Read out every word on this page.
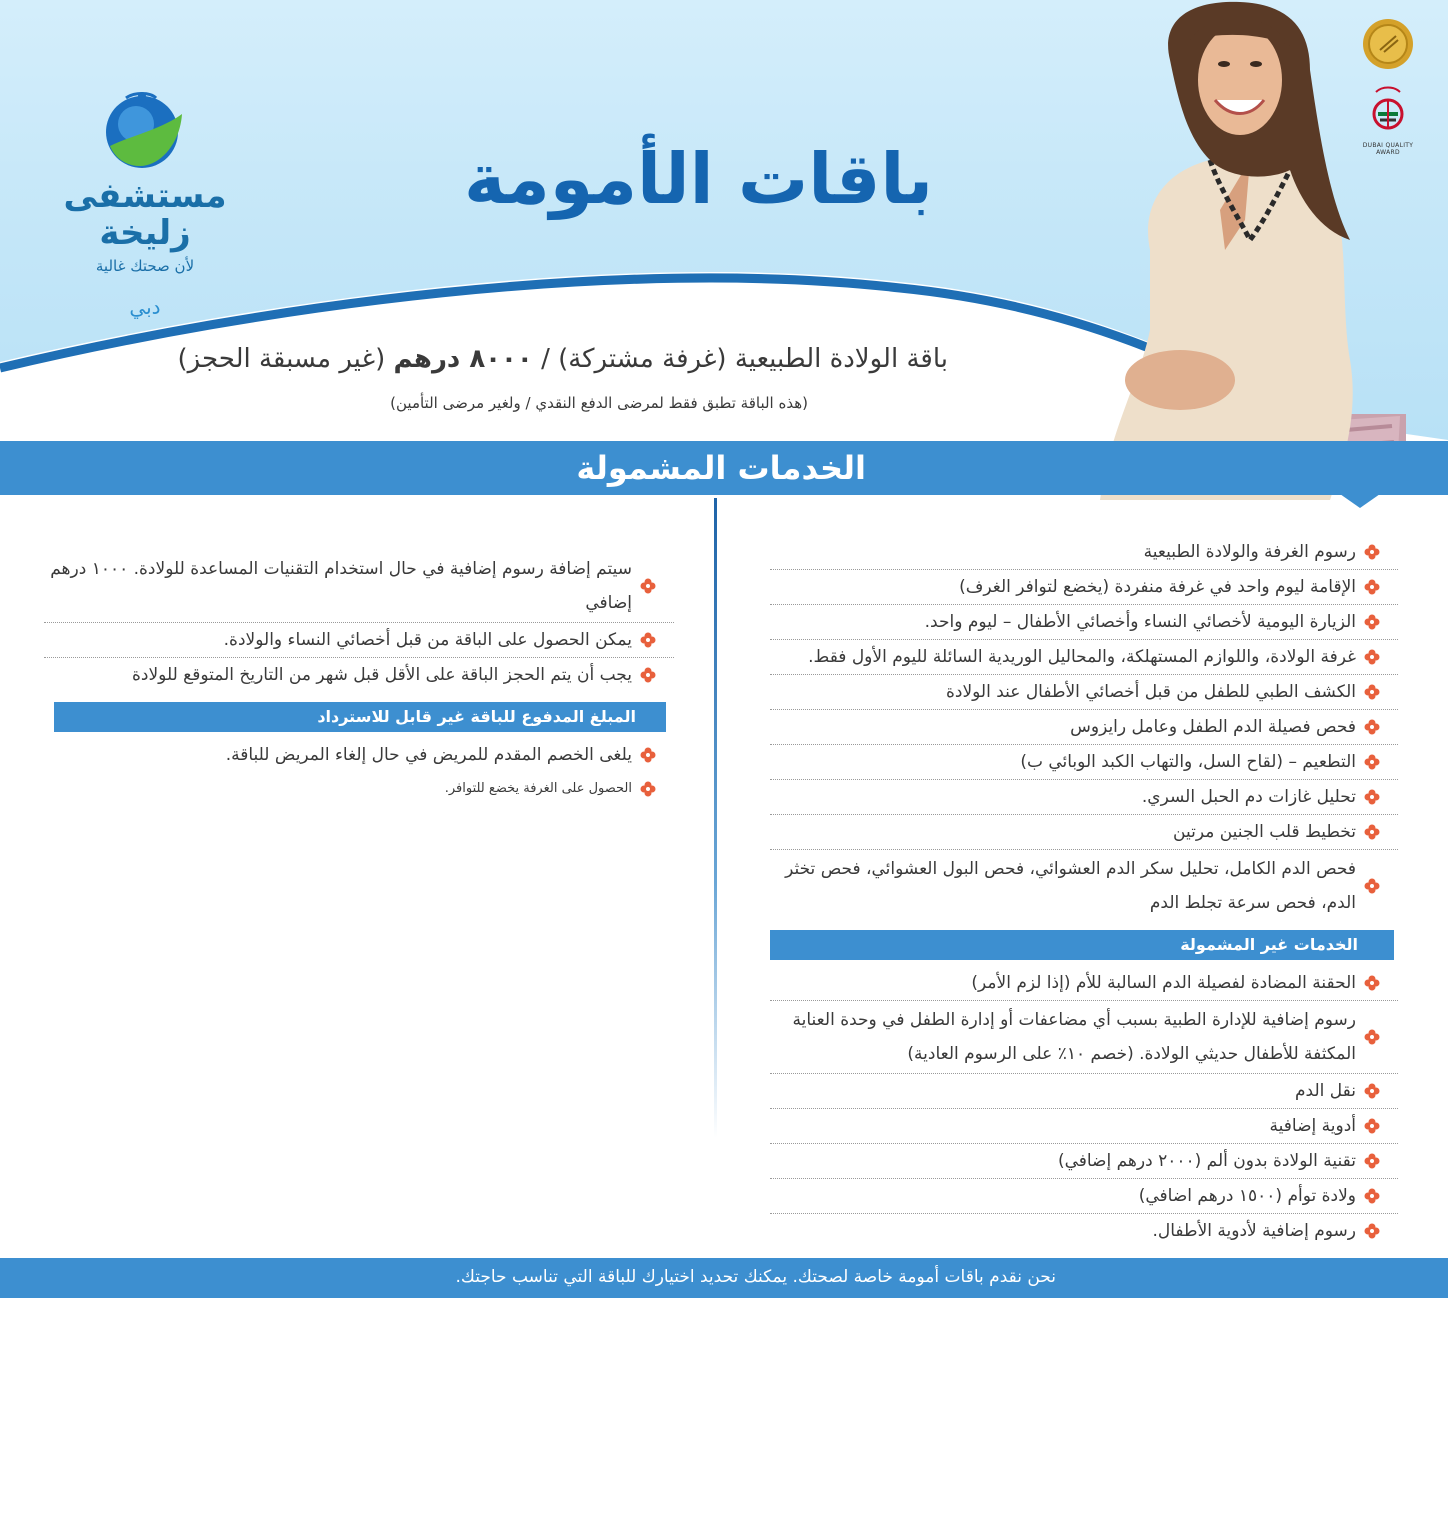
مستشفى زليخة
لأن صحتك غالية
دبي
باقات الأمومة	DUBAI QUALITY AWARD
باقة الولادة الطبيعية (غرفة مشتركة) / ٨٠٠٠ درهم (غير مسبقة الحجز)
(هذه الباقة تطبق فقط لمرضى الدفع النقدي / ولغير مرضى التأمين)
الخدمات المشمولة
رسوم الغرفة والولادة الطبيعية
الإقامة ليوم واحد في غرفة منفردة (يخضع لتوافر الغرف)
الزيارة اليومية لأخصائي النساء وأخصائي الأطفال – ليوم واحد.
غرفة الولادة، واللوازم المستهلكة، والمحاليل الوريدية السائلة لليوم الأول فقط.
الكشف الطبي للطفل من قبل أخصائي الأطفال عند الولادة
فحص فصيلة الدم الطفل وعامل رايزوس
التطعيم – (لقاح السل، والتهاب الكبد الوبائي ب)
تحليل غازات دم الحبل السري.
تخطيط قلب الجنين مرتين
فحص الدم الكامل، تحليل سكر الدم العشوائي، فحص البول العشوائي، فحص تخثر الدم، فحص سرعة تجلط الدم
الخدمات غير المشمولة
الحقنة المضادة لفصيلة الدم السالبة للأم (إذا لزم الأمر)
رسوم إضافية للإدارة الطبية بسبب أي مضاعفات أو إدارة الطفل في وحدة العناية المكثفة للأطفال حديثي الولادة. (خصم ١٠٪ على الرسوم العادية)
نقل الدم
أدوية إضافية
تقنية الولادة بدون ألم (٢٠٠٠ درهم إضافي)
ولادة توأم (١٥٠٠ درهم اضافي)
رسوم إضافية لأدوية الأطفال.
سيتم إضافة رسوم إضافية في حال استخدام التقنيات المساعدة للولادة. ١٠٠٠ درهم إضافي
يمكن الحصول على الباقة من قبل أخصائي النساء والولادة.
يجب أن يتم الحجز الباقة على الأقل قبل شهر من التاريخ المتوقع للولادة
المبلغ المدفوع للباقة غير قابل للاسترداد
يلغى الخصم المقدم للمريض في حال إلغاء المريض للباقة.
الحصول على الغرفة يخضع للتوافر.
نحن نقدم باقات أمومة خاصة لصحتك. يمكنك تحديد اختيارك للباقة التي تناسب حاجتك.
